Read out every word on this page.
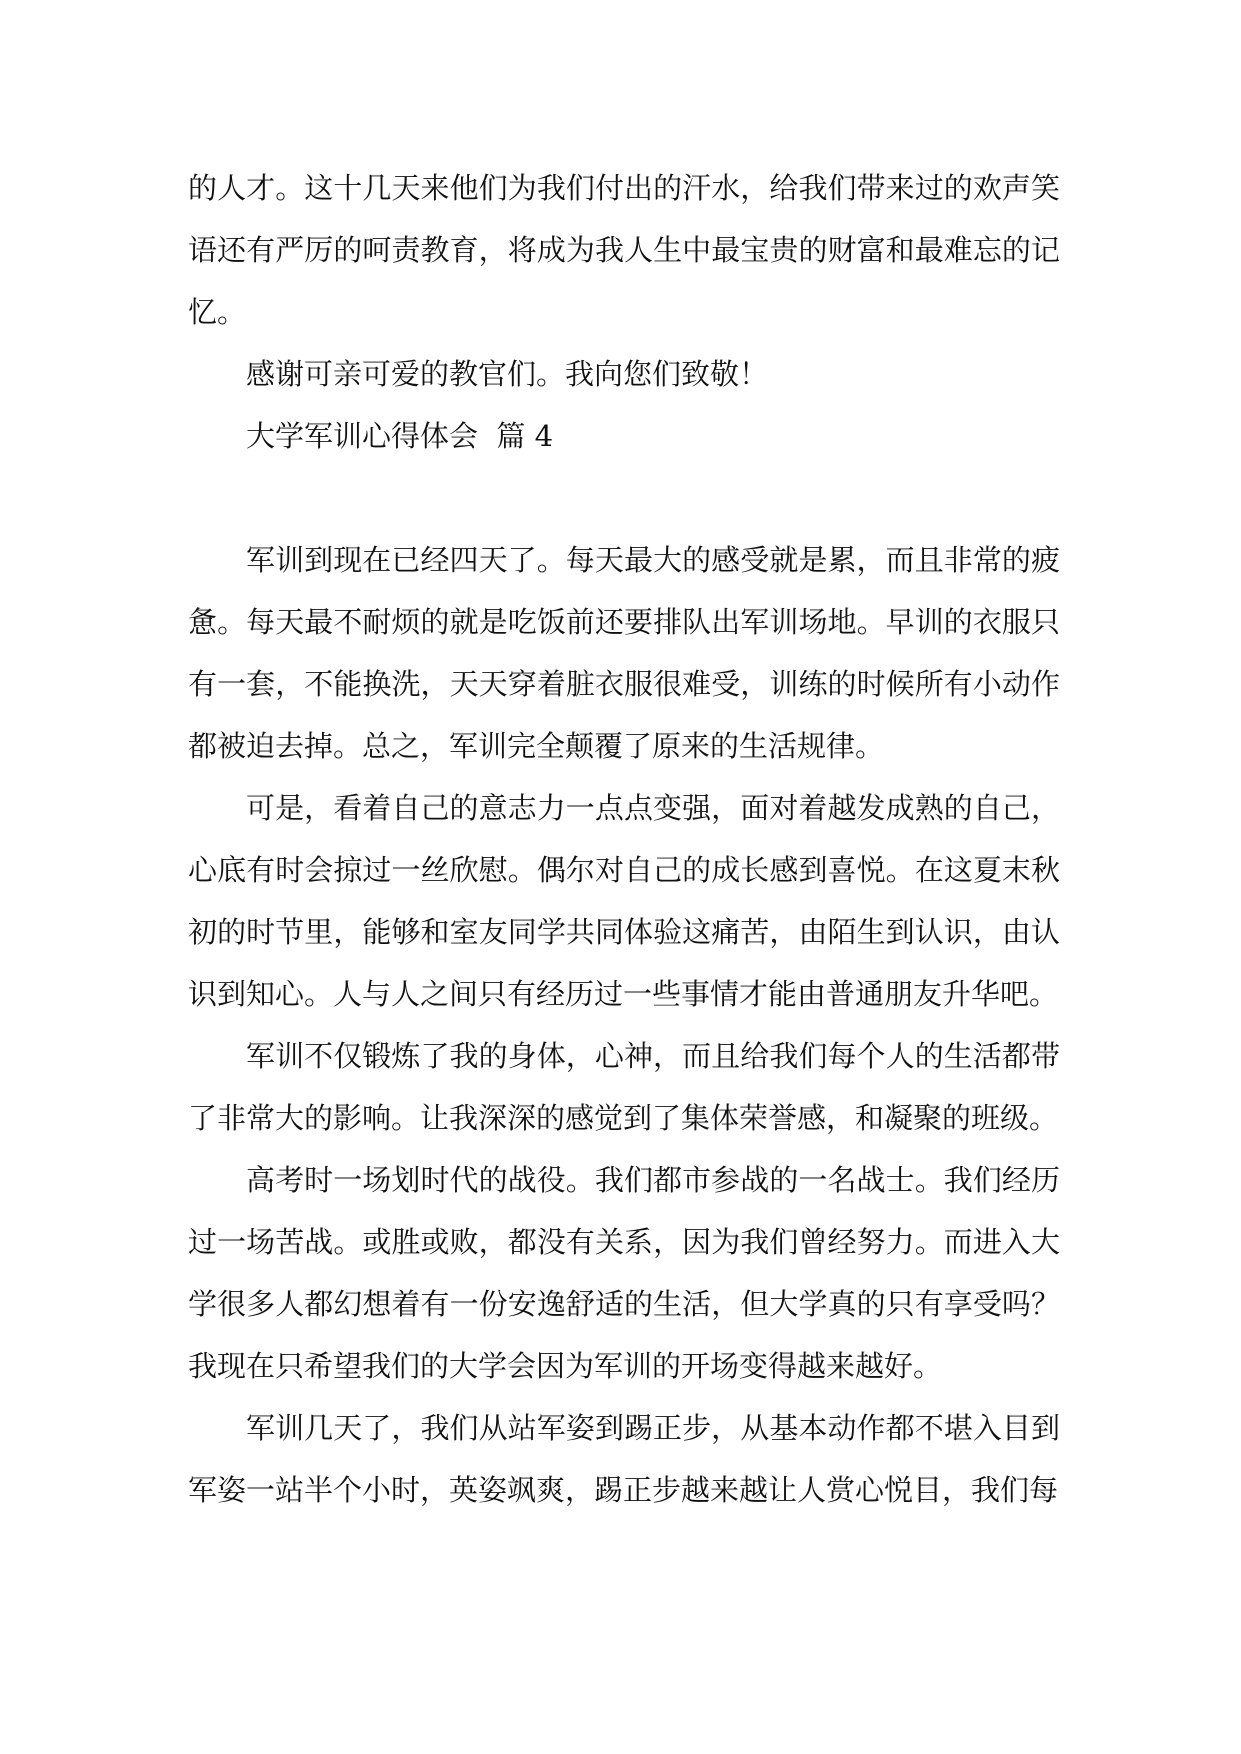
的人才。这十几天来他们为我们付出的汗水，给我们带来过的欢声笑语还有严厉的呵责教育，将成为我人生中最宝贵的财富和最难忘的记忆。

感谢可亲可爱的教官们。我向您们致敬！

大学军训心得体会  篇 4

军训到现在已经四天了。每天最大的感受就是累，而且非常的疲惫。每天最不耐烦的就是吃饭前还要排队出军训场地。早训的衣服只有一套，不能换洗，天天穿着脏衣服很难受，训练的时候所有小动作都被迫去掉。总之，军训完全颠覆了原来的生活规律。

可是，看着自己的意志力一点点变强，面对着越发成熟的自己，心底有时会掠过一丝欣慰。偶尔对自己的成长感到喜悦。在这夏末秋初的时节里，能够和室友同学共同体验这痛苦，由陌生到认识，由认识到知心。人与人之间只有经历过一些事情才能由普通朋友升华吧。

军训不仅锻炼了我的身体，心神，而且给我们每个人的生活都带了非常大的影响。让我深深的感觉到了集体荣誉感，和凝聚的班级。

高考时一场划时代的战役。我们都市参战的一名战士。我们经历过一场苦战。或胜或败，都没有关系，因为我们曾经努力。而进入大学很多人都幻想着有一份安逸舒适的生活，但大学真的只有享受吗？我现在只希望我们的大学会因为军训的开场变得越来越好。

军训几天了，我们从站军姿到踢正步，从基本动作都不堪入目到军姿一站半个小时，英姿飒爽，踢正步越来越让人赏心悦目，我们每
